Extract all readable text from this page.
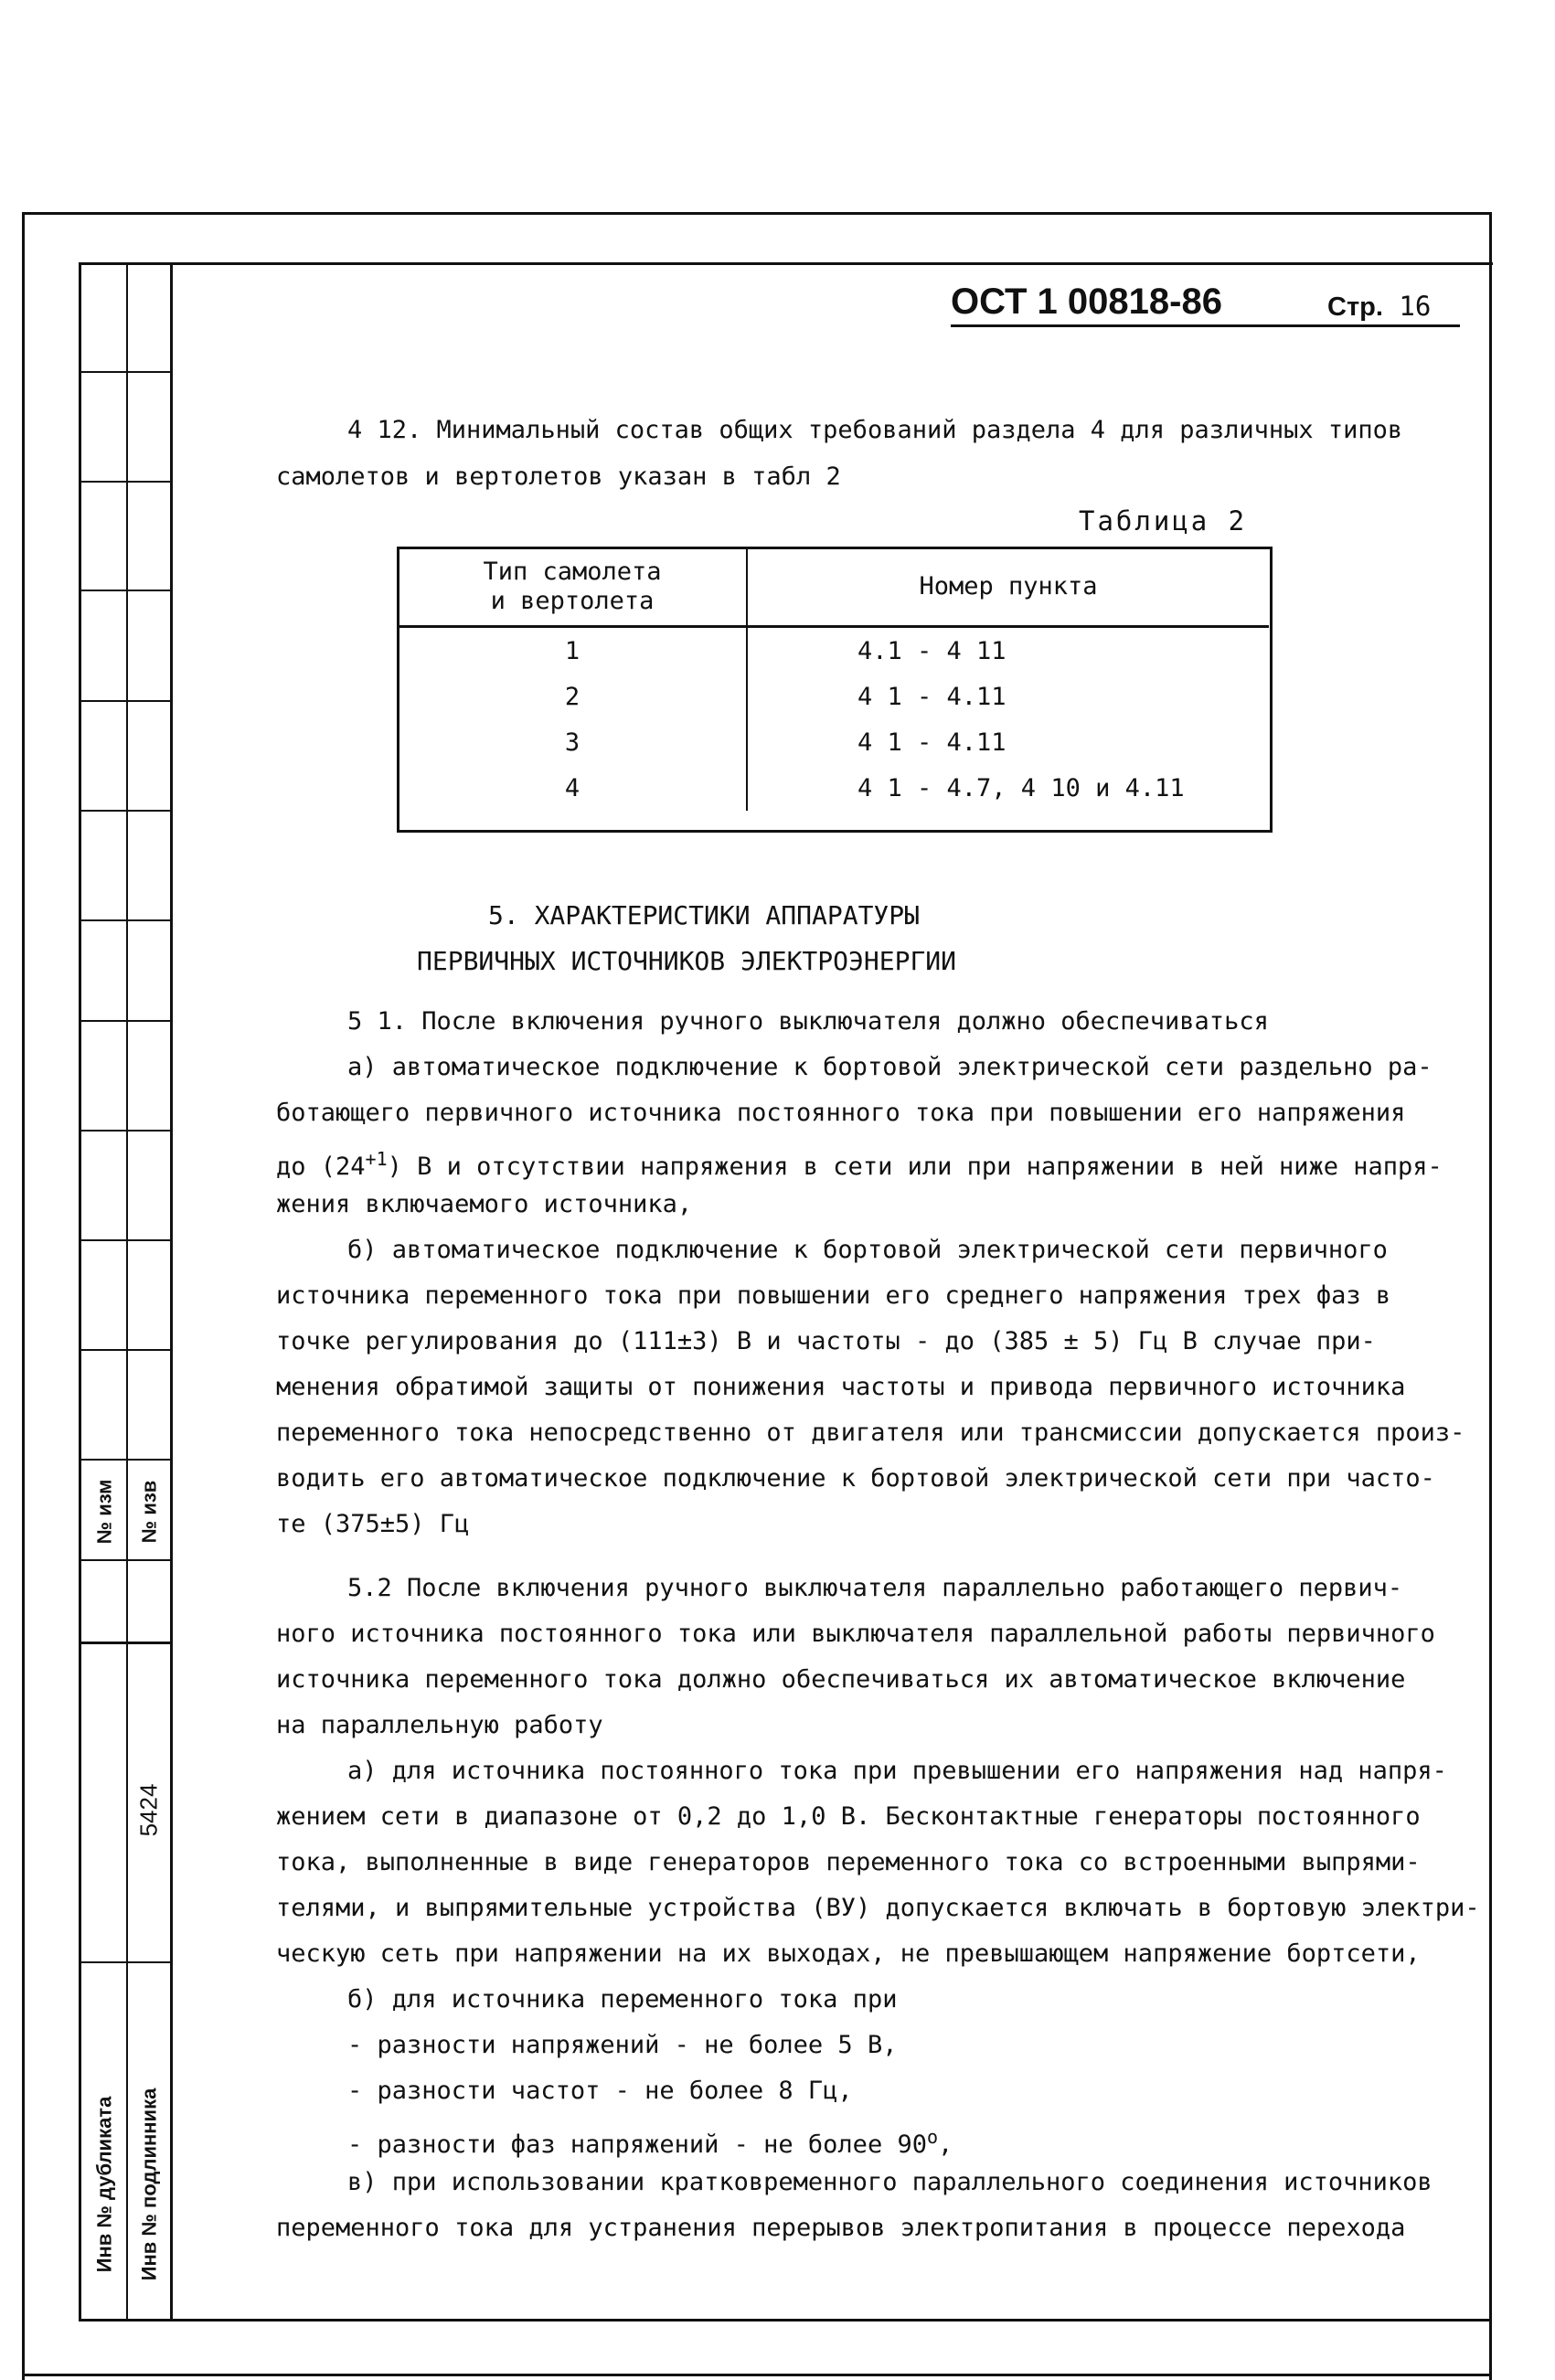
№ изм № изв
5424
Инв № дубликата Инв № подлинника
ОСТ 1 00818-86	Стр. 16
4 12. Минимальный состав общих требований раздела 4 для различных типов
самолетов и вертолетов указан в табл 2
Таблица 2
Тип самолета
и вертолета	Номер пункта
1	4.1 - 4 11
2	4 1 - 4.11
3	4 1 - 4.11
4	4 1 - 4.7, 4 10 и 4.11
5. ХАРАКТЕРИСТИКИ АППАРАТУРЫ
ПЕРВИЧНЫХ ИСТОЧНИКОВ ЭЛЕКТРОЭНЕРГИИ
5 1. После включения ручного выключателя должно обеспечиваться
а) автоматическое подключение к бортовой электрической сети раздельно ра-
ботающего первичного источника постоянного тока при повышении его напряжения
до $(24^{+1})$ В и отсутствии напряжения в сети или при напряжении в ней ниже напря-
жения включаемого источника,
б) автоматическое подключение к бортовой электрической сети первичного
источника переменного тока при повышении его среднего напряжения трех фаз в
точке регулирования до (111±3) В и частоты - до (385 ± 5) Гц В случае при-
менения обратимой защиты от понижения частоты и привода первичного источника
переменного тока непосредственно от двигателя или трансмиссии допускается произ-
водить его автоматическое подключение к бортовой электрической сети при часто-
те (375±5) Гц
5.2 После включения ручного выключателя параллельно работающего первич-
ного источника постоянного тока или выключателя параллельной работы первичного
источника переменного тока должно обеспечиваться их автоматическое включение
на параллельную работу
а) для источника постоянного тока при превышении его напряжения над напря-
жением сети в диапазоне от 0,2 до 1,0 В. Бесконтактные генераторы постоянного
тока, выполненные в виде генераторов переменного тока со встроенными выпрями-
телями, и выпрямительные устройства (ВУ) допускается включать в бортовую электри-
ческую сеть при напряжении на их выходах, не превышающем напряжение бортсети,
б) для источника переменного тока при
- разности напряжений - не более 5 В,
- разности частот - не более 8 Гц,
- разности фаз напряжений - не более $90^о$,
в) при использовании кратковременного параллельного соединения источников
переменного тока для устранения перерывов электропитания в процессе перехода
